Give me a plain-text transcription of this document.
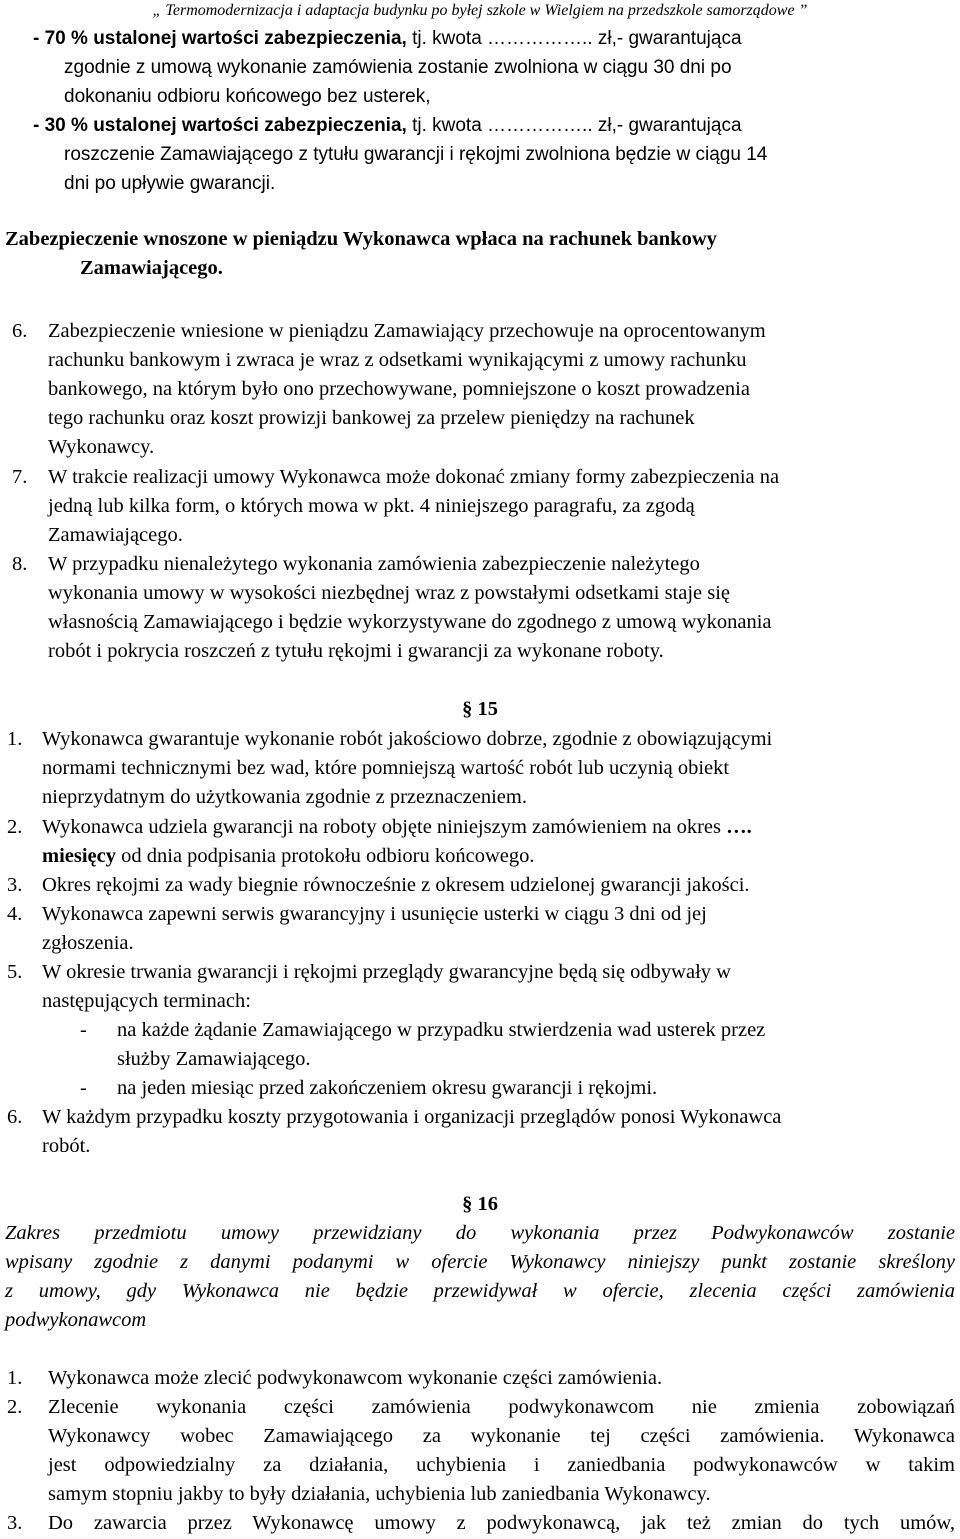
„ Termomodernizacja i adaptacja budynku po byłej szkole w Wielgiem na przedszkole samorządowe ”
- 70 % ustalonej wartości zabezpieczenia, tj. kwota …………….. zł,- gwarantująca
zgodnie z umową wykonanie zamówienia zostanie zwolniona w ciągu 30 dni po
dokonaniu odbioru końcowego bez usterek,
- 30 % ustalonej wartości zabezpieczenia, tj. kwota …………….. zł,- gwarantująca
roszczenie Zamawiającego z tytułu gwarancji i rękojmi zwolniona będzie w ciągu 14
dni po upływie gwarancji.
Zabezpieczenie wnoszone w pieniądzu Wykonawca wpłaca na rachunek bankowy
Zamawiającego.
6. Zabezpieczenie wniesione w pieniądzu Zamawiający przechowuje na oprocentowanym
rachunku bankowym i zwraca je wraz z odsetkami wynikającymi z umowy rachunku
bankowego, na którym było ono przechowywane, pomniejszone o koszt prowadzenia
tego rachunku oraz koszt prowizji bankowej za przelew pieniędzy na rachunek
Wykonawcy.
7. W trakcie realizacji umowy Wykonawca może dokonać zmiany formy zabezpieczenia na
jedną lub kilka form, o których mowa w pkt. 4 niniejszego paragrafu, za zgodą
Zamawiającego.
8. W przypadku nienależytego wykonania zamówienia zabezpieczenie należytego
wykonania umowy w wysokości niezbędnej wraz z powstałymi odsetkami staje się
własnością Zamawiającego i będzie wykorzystywane do zgodnego z umową wykonania
robót i pokrycia roszczeń z tytułu rękojmi i gwarancji za wykonane roboty.
§ 15
1. Wykonawca gwarantuje wykonanie robót jakościowo dobrze, zgodnie z obowiązującymi
normami technicznymi bez wad, które pomniejszą wartość robót lub uczynią obiekt
nieprzydatnym do użytkowania zgodnie z przeznaczeniem.
2. Wykonawca udziela gwarancji na roboty objęte niniejszym zamówieniem na okres ….
miesięcy od dnia podpisania protokołu odbioru końcowego.
3. Okres rękojmi za wady biegnie równocześnie z okresem udzielonej gwarancji jakości.
4. Wykonawca zapewni serwis gwarancyjny i usunięcie usterki w ciągu 3 dni od jej
zgłoszenia.
5. W okresie trwania gwarancji i rękojmi przeglądy gwarancyjne będą się odbywały w
następujących terminach:
- na każde żądanie Zamawiającego w przypadku stwierdzenia wad usterek przez
służby Zamawiającego.
- na jeden miesiąc przed zakończeniem okresu gwarancji i rękojmi.
6. W każdym przypadku koszty przygotowania i organizacji przeglądów ponosi Wykonawca
robót.
§ 16
Zakres przedmiotu umowy przewidziany do wykonania przez Podwykonawców zostanie
wpisany zgodnie z danymi podanymi w ofercie Wykonawcy niniejszy punkt zostanie skreślony
z umowy, gdy Wykonawca nie będzie przewidywał w ofercie, zlecenia części zamówienia
podwykonawcom
1. Wykonawca może zlecić podwykonawcom wykonanie części zamówienia.
2. Zlecenie wykonania części zamówienia podwykonawcom nie zmienia zobowiązań
Wykonawcy wobec Zamawiającego za wykonanie tej części zamówienia. Wykonawca
jest odpowiedzialny za działania, uchybienia i zaniedbania podwykonawców w takim
samym stopniu jakby to były działania, uchybienia lub zaniedbania Wykonawcy.
3. Do zawarcia przez Wykonawcę umowy z podwykonawcą, jak też zmian do tych umów,
